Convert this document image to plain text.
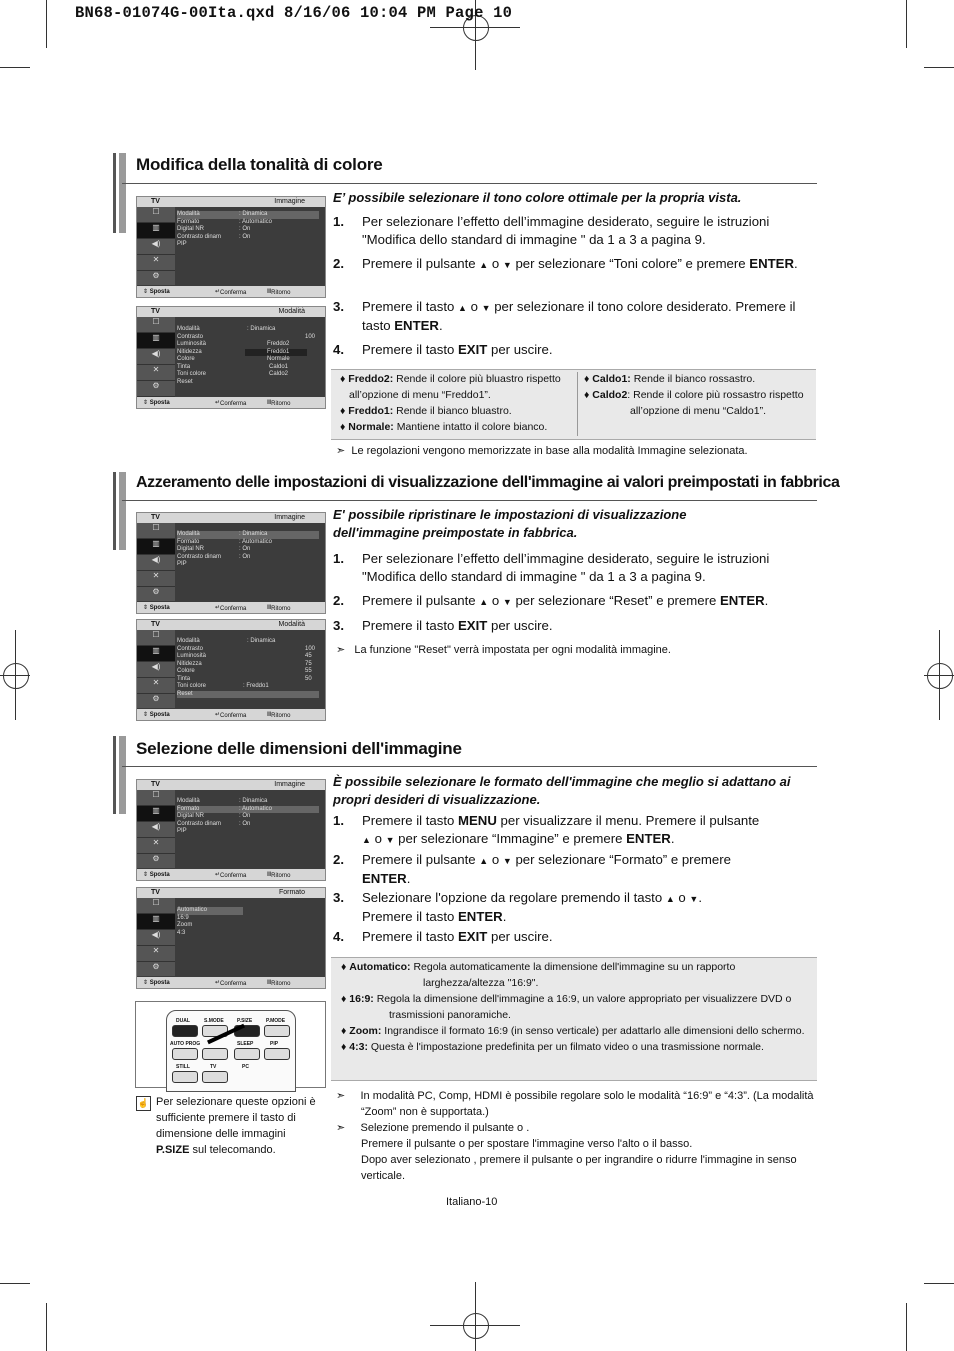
BN68-01074G-00Ita.qxd 8/16/06 10:04 PM Page 10
Modifica della tonalità di colore
TV	Immagine
☐
▥
◀)
✕
⚙
Modalità	: Dinamica
Formato	: Automatico
Digital NR	: On
Contrasto dinam	: On
PIP
⇕ Sposta	↵ Conferma	Ⅲ Ritorno
TV	Modalità
☐
▥
◀)
✕
⚙
Modalità	: Dinamica
Contrasto	100
Luminosità	Freddo2
Nitidezza	Freddo1
Colore	Normale
Tinta	Caldo1
Toni colore	Caldo2
Reset
⇕ Sposta	↵ Conferma	Ⅲ Ritorno
E’ possibile selezionare il tono colore ottimale per la propria vista.
1. Per selezionare l’effetto dell’immagine desiderato, seguire le istruzioni "Modifica dello standard di immagine " da 1 a 3 a pagina 9.
2. Premere il pulsante ▲ o ▼ per selezionare “Toni colore” e premere ENTER.
3. Premere il tasto ▲ o ▼ per selezionare il tono colore desiderato. Premere il tasto ENTER.
4. Premere il tasto EXIT per uscire.
♦ Freddo2: Rende il colore più bluastro rispetto all’opzione di menu “Freddo1”.
♦ Freddo1: Rende il bianco bluastro.
♦ Normale: Mantiene intatto il colore bianco.
♦ Caldo1: Rende il bianco rossastro.
♦ Caldo2: Rende il colore più rossastro rispetto all’opzione di menu “Caldo1”.
➣ Le regolazioni vengono memorizzate in base alla modalità Immagine selezionata.
Azzeramento delle impostazioni di visualizzazione dell'immagine ai valori preimpostati in fabbrica
TV	Immagine
☐
▥
◀)
✕
⚙
Modalità	: Dinamica
Formato	: Automatico
Digital NR	: On
Contrasto dinam	: On
PIP
⇕ Sposta	↵ Conferma	Ⅲ Ritorno
TV	Modalità
☐
▥
◀)
✕
⚙
Modalità	: Dinamica
Contrasto	100
Luminosità	45
Nitidezza	75
Colore	55
Tinta	50
Toni colore	: Freddo1
Reset
⇕ Sposta	↵ Conferma	Ⅲ Ritorno
E' possibile ripristinare le impostazioni di visualizzazione dell'immagine preimpostate in fabbrica.
1. Per selezionare l’effetto dell’immagine desiderato, seguire le istruzioni "Modifica dello standard di immagine " da 1 a 3 a pagina 9.
2. Premere il pulsante ▲ o ▼ per selezionare “Reset” e premere ENTER.
3. Premere il tasto EXIT per uscire.
➣ La funzione "Reset" verrà impostata per ogni modalità immagine.
Selezione delle dimensioni dell'immagine
TV	Immagine
☐
▥
◀)
✕
⚙
Modalità	: Dinamica
Formato	: Automatico
Digital NR	: On
Contrasto dinam	: On
PIP
⇕ Sposta	↵ Conferma	Ⅲ Ritorno
TV	Formato
☐
▥
◀)
✕
⚙
Automatico
16:9
Zoom
4:3
⇕ Sposta	↵ Conferma	Ⅲ Ritorno
DUAL	S.MODE	P.SIZE	P.MODE
AUTO PROG	SLEEP	PIP
STILL	TV	PC
☝ Per selezionare queste opzioni è sufficiente premere il tasto di dimensione delle immagini P.SIZE sul telecomando.
È possibile selezionare le formato dell'immagine che meglio si adattano ai propri desideri di visualizzazione.
1. Premere il tasto MENU per visualizzare il menu. Premere il pulsante
▲ o ▼ per selezionare “Immagine” e premere ENTER.
2. Premere il pulsante ▲ o ▼ per selezionare “Formato” e premere ENTER.
3. Selezionare l'opzione da regolare premendo il tasto ▲ o ▼. Premere il tasto ENTER.
4. Premere il tasto EXIT per uscire.
♦ Automatico: Regola automaticamente la dimensione dell'immagine su un rapporto larghezza/altezza "16:9".
♦ 16:9: Regola la dimensione dell'immagine a 16:9, un valore appropriato per visualizzere DVD o trasmissioni panoramiche.
♦ Zoom: Ingrandisce il formato 16:9 (in senso verticale) per adattarlo alle dimensioni dello schermo.
♦ 4:3: Questa è l'impostazione predefinita per un filmato video o una trasmissione normale.
➣ In modalità PC, Comp, HDMI è possibile regolare solo le modalità “16:9” e “4:3”. (La modalità “Zoom” non è supportata.)
➣ Selezione premendo il pulsante o .
Premere il pulsante o per spostare l'immagine verso l'alto o il basso.
Dopo aver selezionato , premere il pulsante o per ingrandire o ridurre l'immagine in senso verticale.
Italiano-10
